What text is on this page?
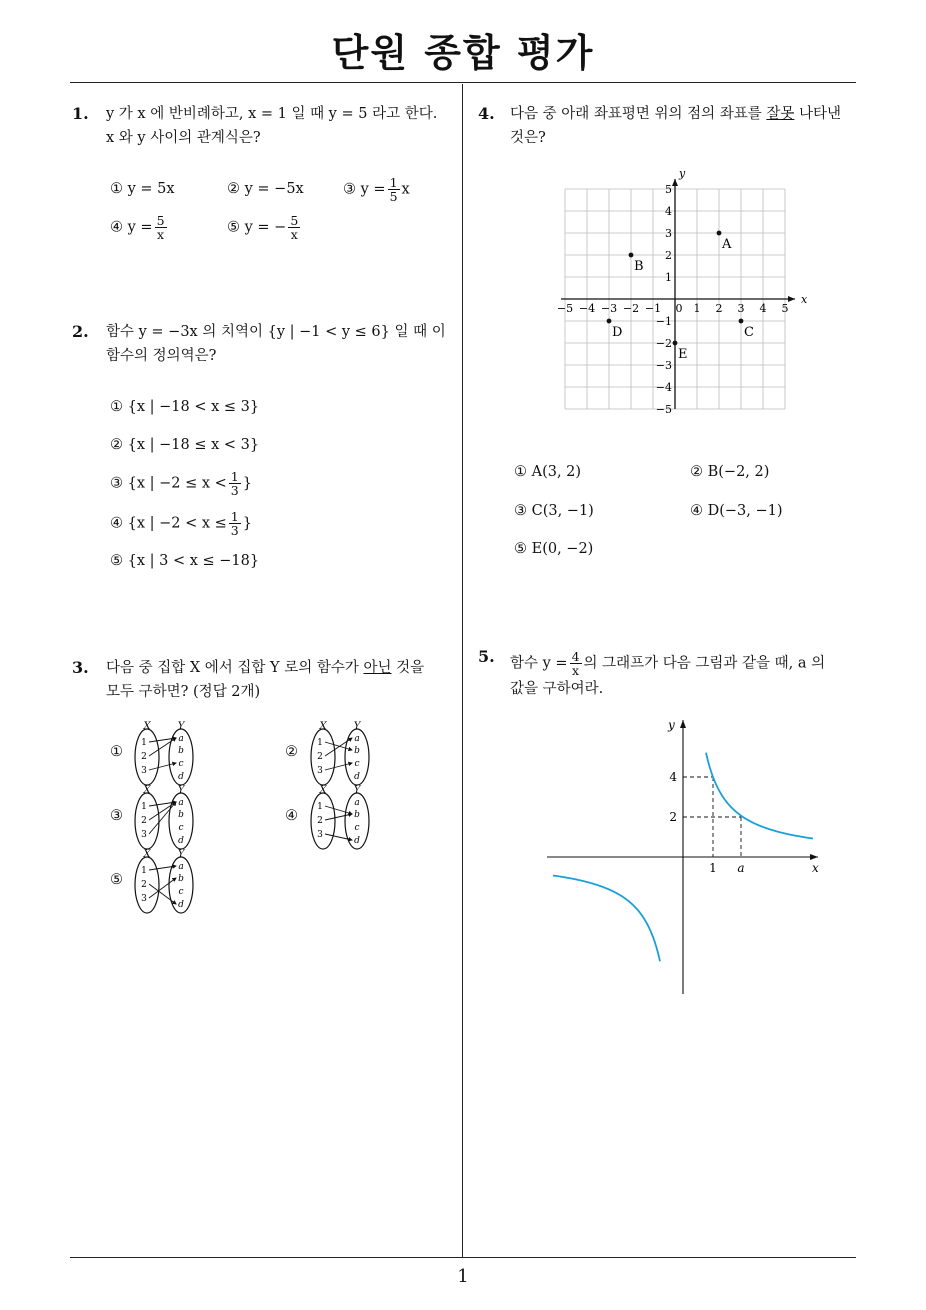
단원 종합 평가
1
1. y 가 x 에 반비례하고, x = 1 일 때 y = 5 라고 한다.
x 와 y 사이의 관계식은?
① y = 5x	② y = −5x	③ $y = \frac{1}{5}$ x
④ $y = \frac{5}{x}$	⑤ y = − $\frac{5}{x}$
2. 함수 y = −3x 의 치역이 {y | −1 < y ≤ 6} 일 때 이
함수의 정의역은?
① {x | −18 < x ≤ 3}
② {x | −18 ≤ x < 3}
③ {x | $-2 \le x < \frac{1}{3}$ }
④ {x | $-2 < x \le \frac{1}{3}$ }
⑤ {x | 3 < x ≤ −18}
3. 다음 중 집합 X 에서 집합 Y 로의 함수가 아닌 것을
모두 구하면? (정답 2개)
①
X	Y
1
2
3
a
b
c
d
②
X	Y
1
2
3
a
b
c
d
③
X	Y
1
2
3
a
b
c
d
④
X	Y
1
2
3
a
b
c
d
⑤
X	Y
1
2
3
a
b
c
d
4. 다음 중 아래 좌표평면 위의 점의 좌표를 잘못 나타낸
것은?
x
y
−5 −4 −3 −2 −1 0 1 2 3 4 5
5
4
3
2
1
−1
−2
−3
−4
−5
A
B
C
D
E
① A(3, 2)	② B(−2, 2)
③ C(3, −1)	④ D(−3, −1)
⑤ E(0, −2)
5. 함수 $y = \frac{4}{x}$ 의 그래프가 다음 그림과 같을 때, a 의
값을 구하여라.
x
y
4
2
1 a
